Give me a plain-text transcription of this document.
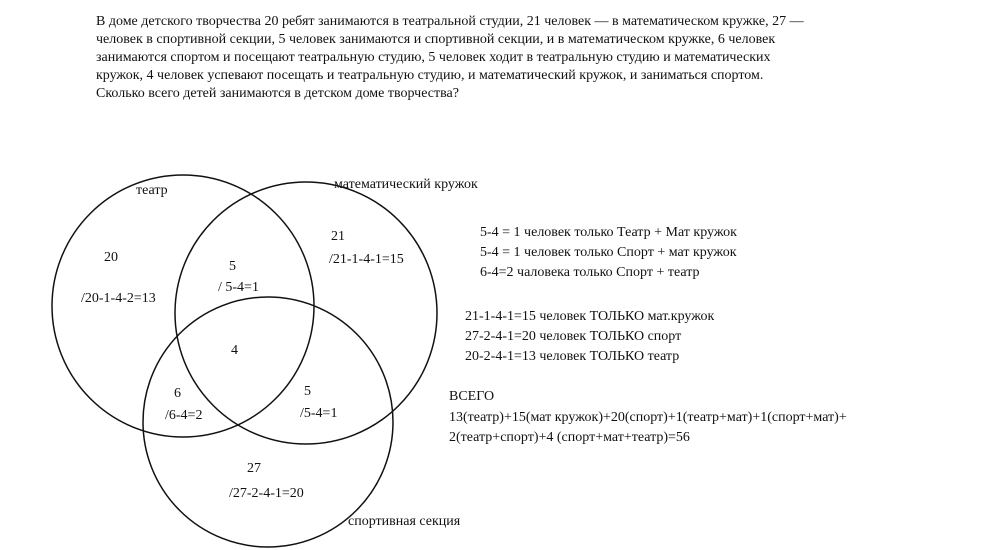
В доме детского творчества 20 ребят занимаются в театральной студии, 21 человек — в математическом кружке, 27 —
человек в спортивной секции, 5 человек занимаются и спортивной секции, и в математическом кружке, 6 человек
занимаются спортом и посещают театральную студию, 5 человек ходит в театральную студию и математических
кружок, 4 человек успевают посещать и театральную студию, и математический кружок, и заниматься спортом.
Сколько всего детей занимаются в детском доме творчества?
театр	математический кружок
спортивная секция
20
/20-1-4-2=13
5
/ 5-4=1
21
/21-1-4-1=15
4
6
/6-4=2
5
/5-4=1
27
/27-2-4-1=20
5-4 = 1 человек только Театр + Мат кружок
5-4 = 1 человек только Спорт + мат кружок
6-4=2 чаловека только Спорт + театр
21-1-4-1=15 человек ТОЛЬКО мат.кружок
27-2-4-1=20 человек ТОЛЬКО спорт
20-2-4-1=13 человек ТОЛЬКО театр
ВСЕГО
13(театр)+15(мат кружок)+20(спорт)+1(театр+мат)+1(спорт+мат)+
2(театр+спорт)+4 (спорт+мат+театр)=56
